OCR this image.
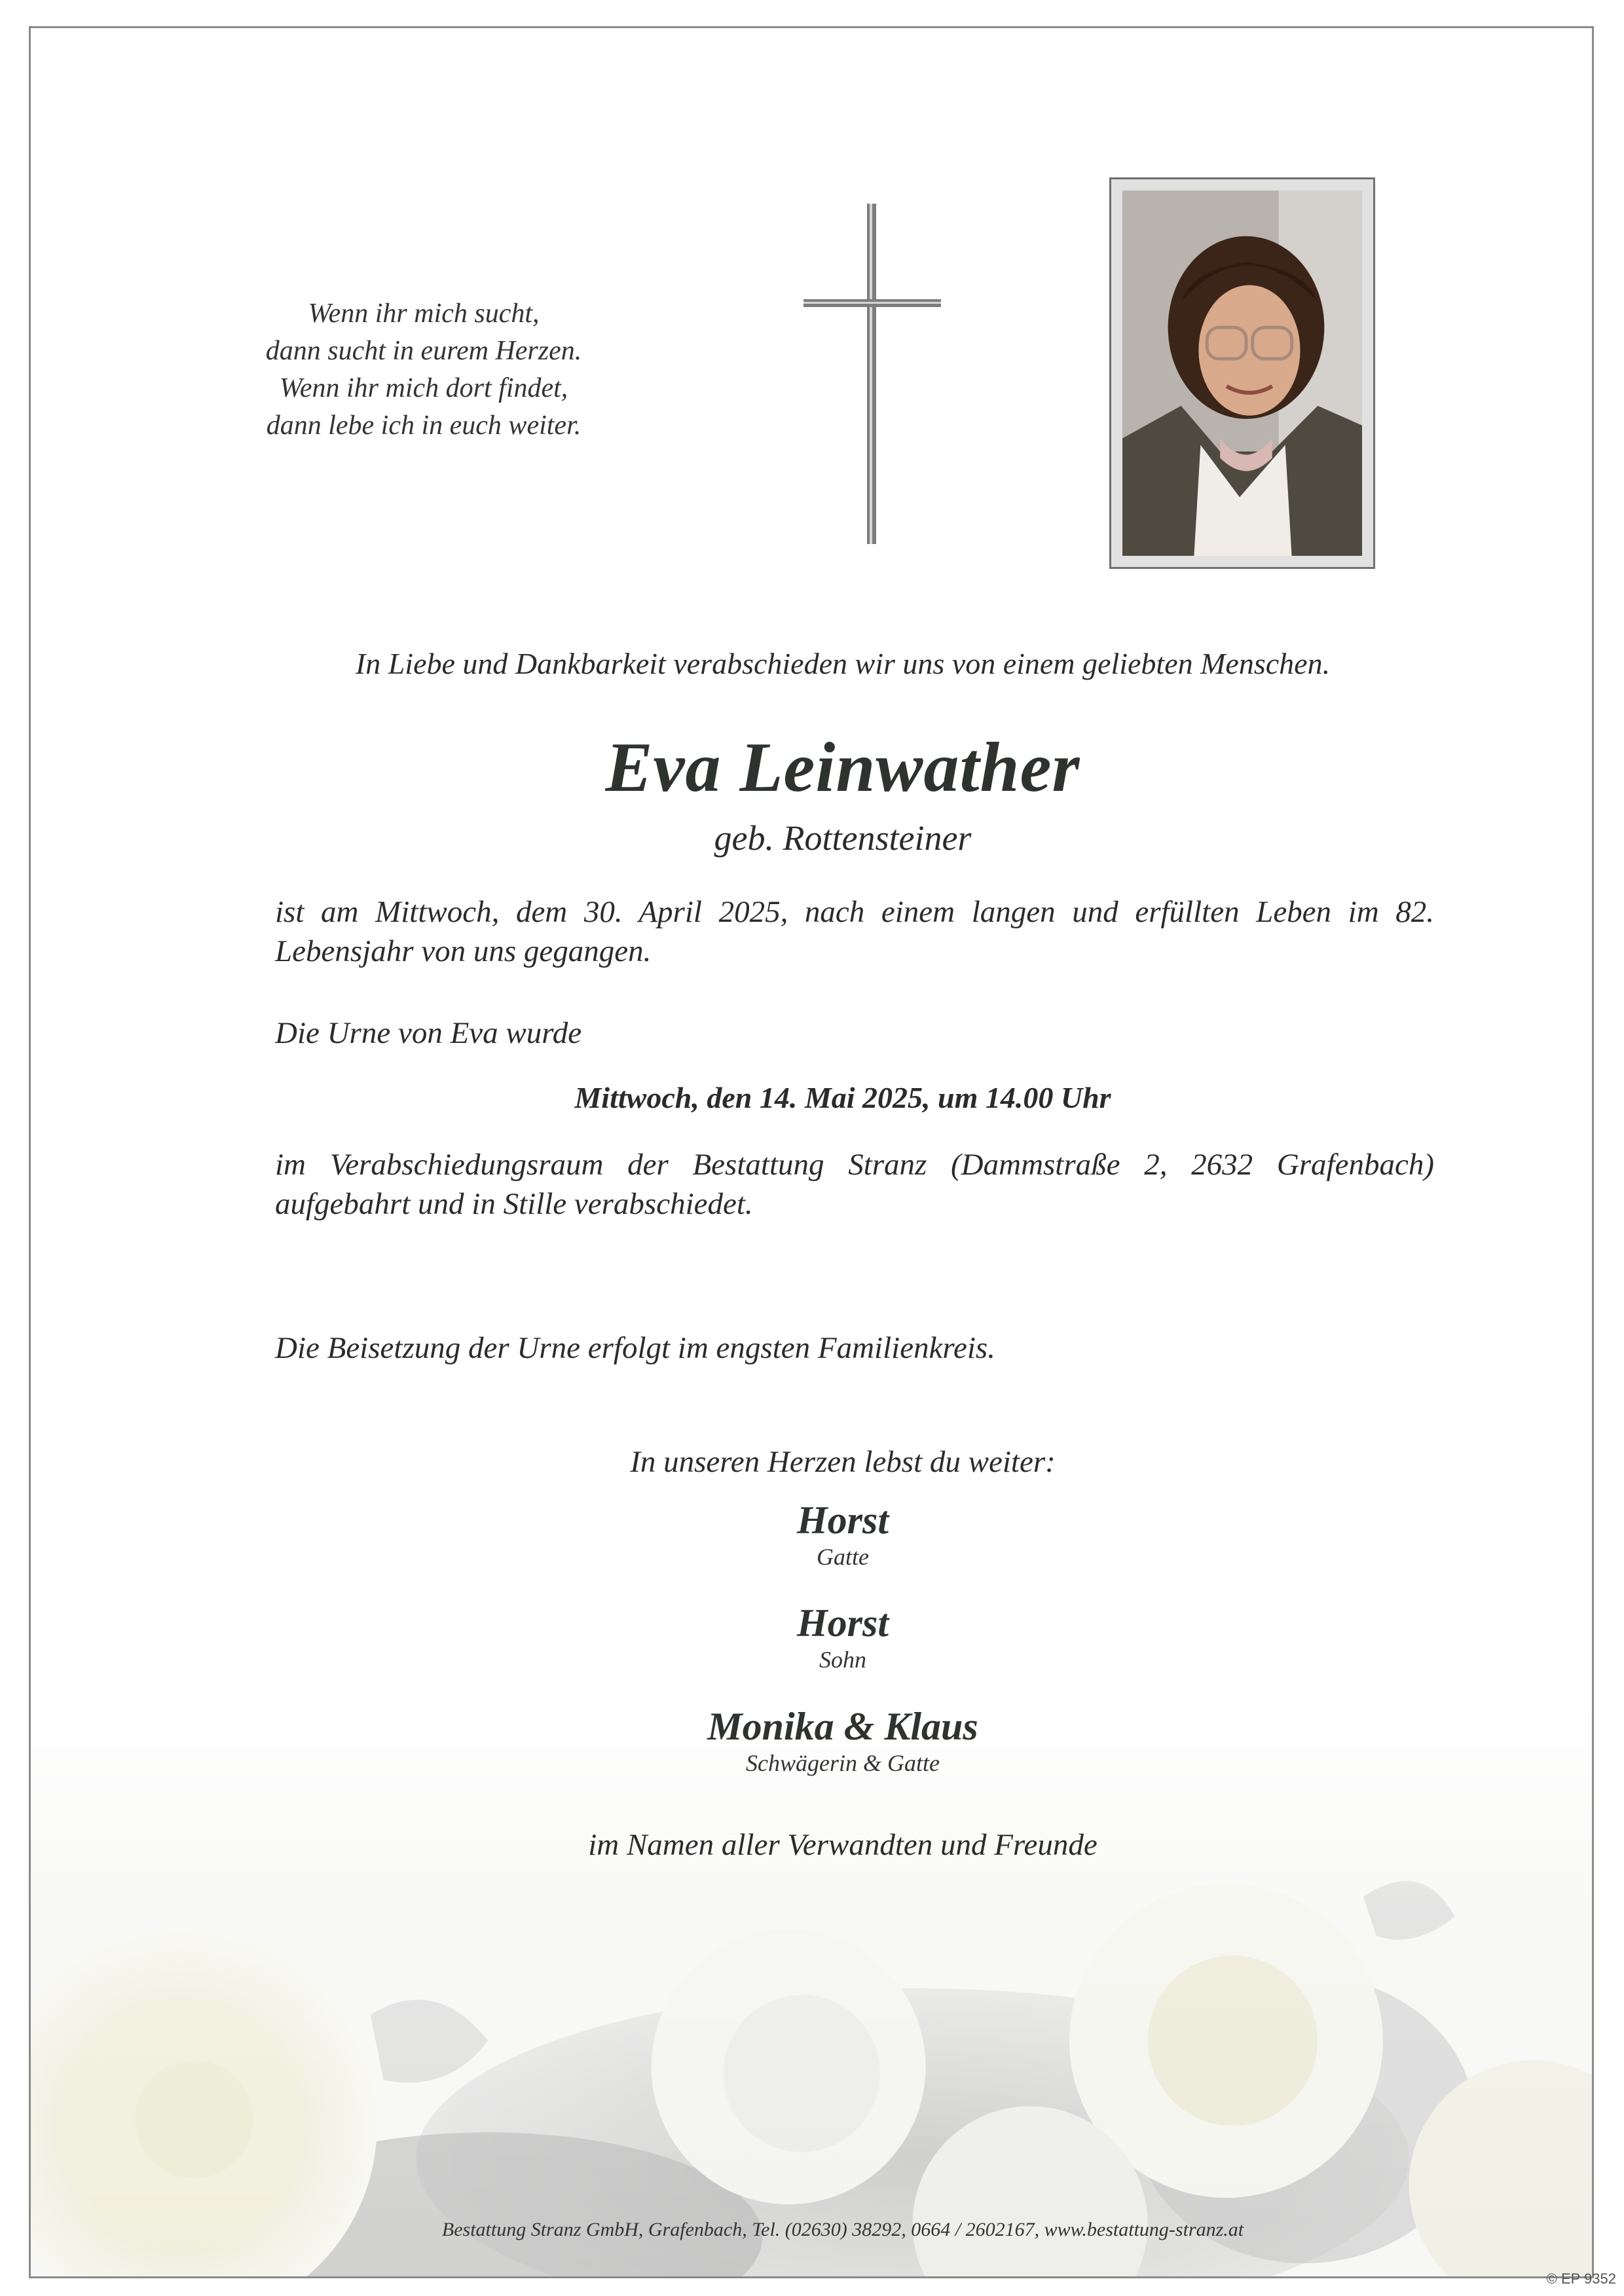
Wenn ihr mich sucht,
dann sucht in eurem Herzen.
Wenn ihr mich dort findet,
dann lebe ich in euch weiter.
In Liebe und Dankbarkeit verabschieden wir uns von einem geliebten Menschen.
Eva Leinwather
geb. Rottensteiner
ist am Mittwoch, dem 30. April 2025, nach einem langen und erfüllten Leben im 82. Lebensjahr von uns gegangen.
Die Urne von Eva wurde
Mittwoch, den 14. Mai 2025, um 14.00 Uhr
im Verabschiedungsraum der Bestattung Stranz (Dammstraße 2, 2632 Grafenbach) aufgebahrt und in Stille verabschiedet.
Die Beisetzung der Urne erfolgt im engsten Familienkreis.
In unseren Herzen lebst du weiter:
Horst
Gatte
Horst
Sohn
Monika & Klaus
Schwägerin & Gatte
im Namen aller Verwandten und Freunde
Bestattung Stranz GmbH, Grafenbach, Tel. (02630) 38292, 0664 / 2602167, www.bestattung-stranz.at
© EP 9352
